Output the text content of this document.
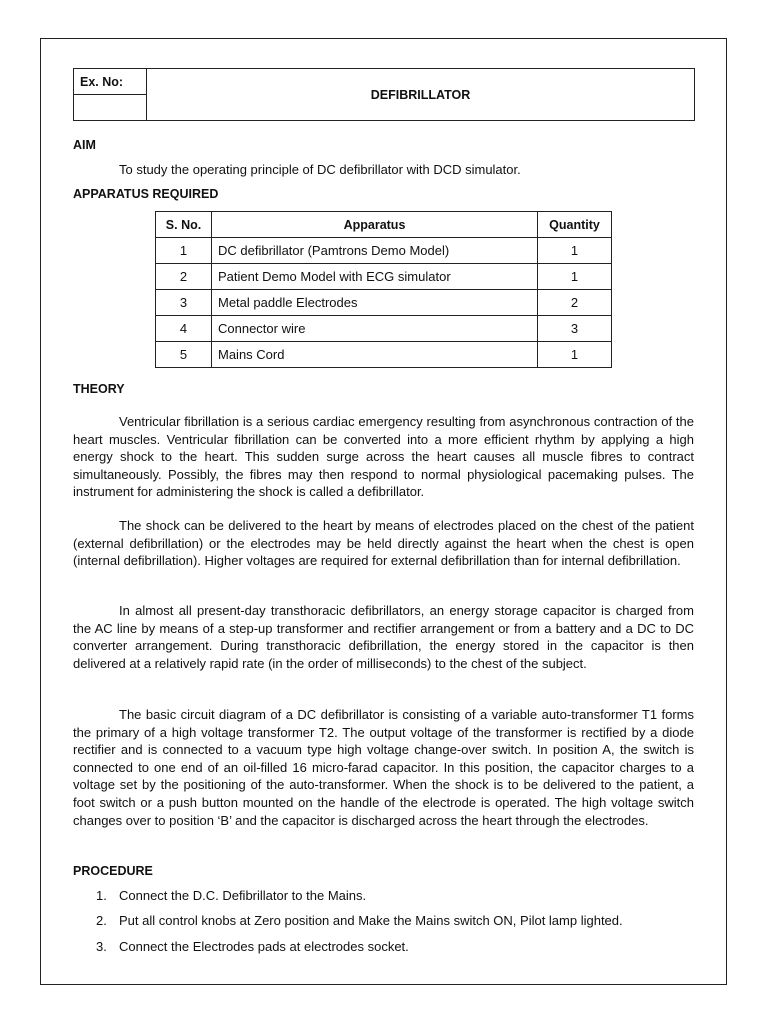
Ex. No:
DEFIBRILLATOR
AIM
To study the operating principle of DC defibrillator with DCD simulator.
APPARATUS REQUIRED
S. No.	Apparatus	Quantity
1	DC defibrillator (Pamtrons Demo Model)	1
2	Patient Demo Model with ECG simulator	1
3	Metal paddle Electrodes	2
4	Connector wire	3
5	Mains Cord	1
THEORY

Ventricular fibrillation is a serious cardiac emergency resulting from asynchronous contraction of the heart muscles. Ventricular fibrillation can be converted into a more efficient rhythm by applying a high energy shock to the heart. This sudden surge across the heart causes all muscle fibres to contract simultaneously. Possibly, the fibres may then respond to normal physiological pacemaking pulses. The instrument for administering the shock is called a defibrillator.

The shock can be delivered to the heart by means of electrodes placed on the chest of the patient (external defibrillation) or the electrodes may be held directly against the heart when the chest is open (internal defibrillation). Higher voltages are required for external defibrillation than for internal defibrillation.

In almost all present-day transthoracic defibrillators, an energy storage capacitor is charged from the AC line by means of a step-up transformer and rectifier arrangement or from a battery and a DC to DC converter arrangement. During transthoracic defibrillation, the energy stored in the capacitor is then delivered at a relatively rapid rate (in the order of milliseconds) to the chest of the subject.

The basic circuit diagram of a DC defibrillator is consisting of a variable auto-transformer T1 forms the primary of a high voltage transformer T2. The output voltage of the transformer is rectified by a diode rectifier and is connected to a vacuum type high voltage change-over switch. In position A, the switch is connected to one end of an oil-filled 16 micro-farad capacitor. In this position, the capacitor charges to a voltage set by the positioning of the auto-transformer. When the shock is to be delivered to the patient, a foot switch or a push button mounted on the handle of the electrode is operated. The high voltage switch changes over to position ‘B’ and the capacitor is discharged across the heart through the electrodes.

PROCEDURE
1. Connect the D.C. Defibrillator to the Mains.
2. Put all control knobs at Zero position and Make the Mains switch ON, Pilot lamp lighted.
3. Connect the Electrodes pads at electrodes socket.
